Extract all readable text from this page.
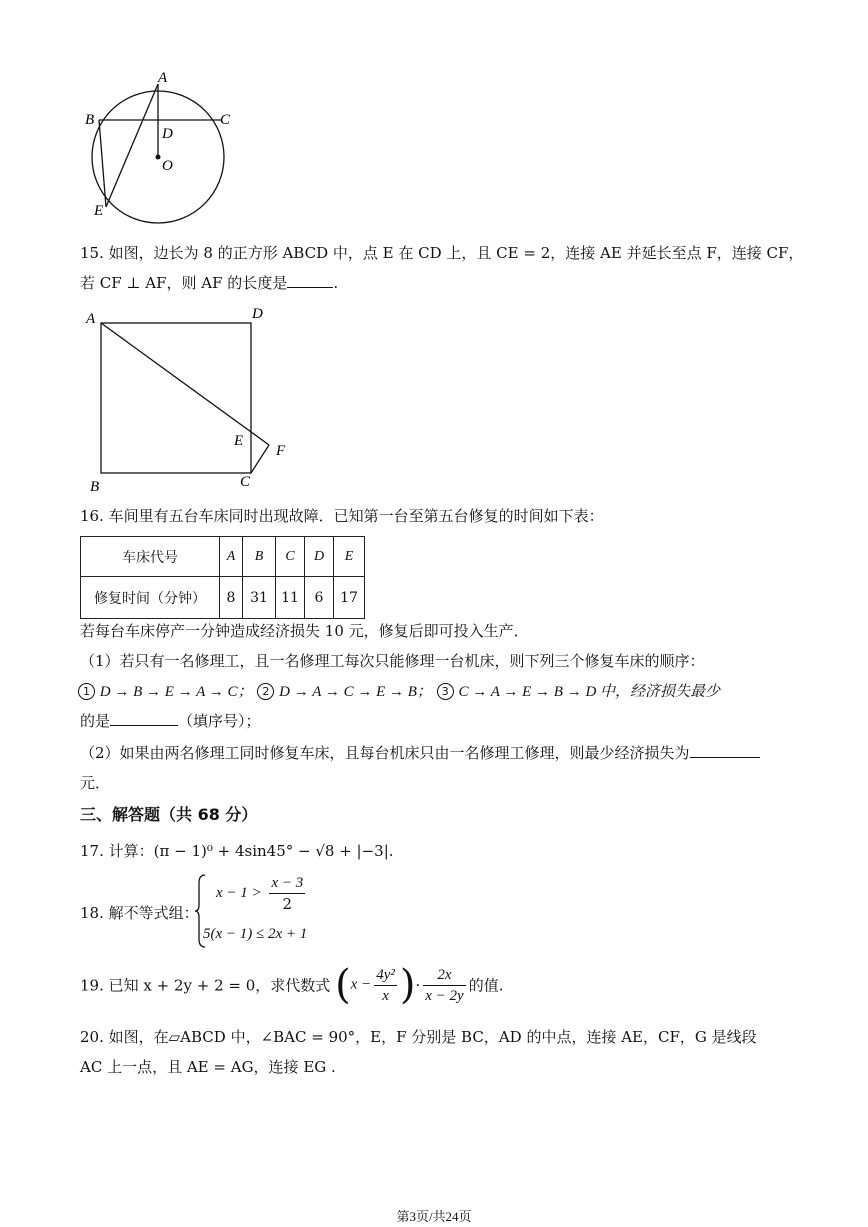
A
B	C
D
O
E
15. 如图，边长为 8 的正方形 ABCD 中，点 E 在 CD 上，且 CE = 2，连接 AE 并延长至点 F，连接 CF，
若 CF ⊥ AF，则 AF 的长度是	.
A	D
E
F
B	C
16. 车间里有五台车床同时出现故障．已知第一台至第五台修复的时间如下表：
车床代号	A	B	C	D	E
修复时间（分钟）	8	31	11	6	17
若每台车床停产一分钟造成经济损失 10 元，修复后即可投入生产．
（1）若只有一名修理工，且一名修理工每次只能修理一台机床，则下列三个修复车床的顺序：
1 D → B → E → A → C； 2 D → A → C → E → B； 3 C → A → E → B → D 中，经济损失最少
的是	（填序号）；
（2）如果由两名修理工同时修复车床，且每台机床只由一名修理工修理，则最少经济损失为
元．
三、解答题（共 68 分）
17. 计算：(π − 1)⁰ + 4sin45° − √8 + |−3|.
18. 解不等式组：
$x - 1 > \frac{x - 3}{2}$
5(x − 1) ≤ 2x + 1
19. 已知 x + 2y + 2 = 0，求代数式 ($x - \frac{\text{4y²}}{x}$ )· $\frac{2x}{x - 2y}$ 的值.
20. 如图，在▱ABCD 中，∠BAC = 90°，E，F 分别是 BC，AD 的中点，连接 AE，CF，G 是线段
AC 上一点，且 AE = AG，连接 EG .
第3页/共24页
